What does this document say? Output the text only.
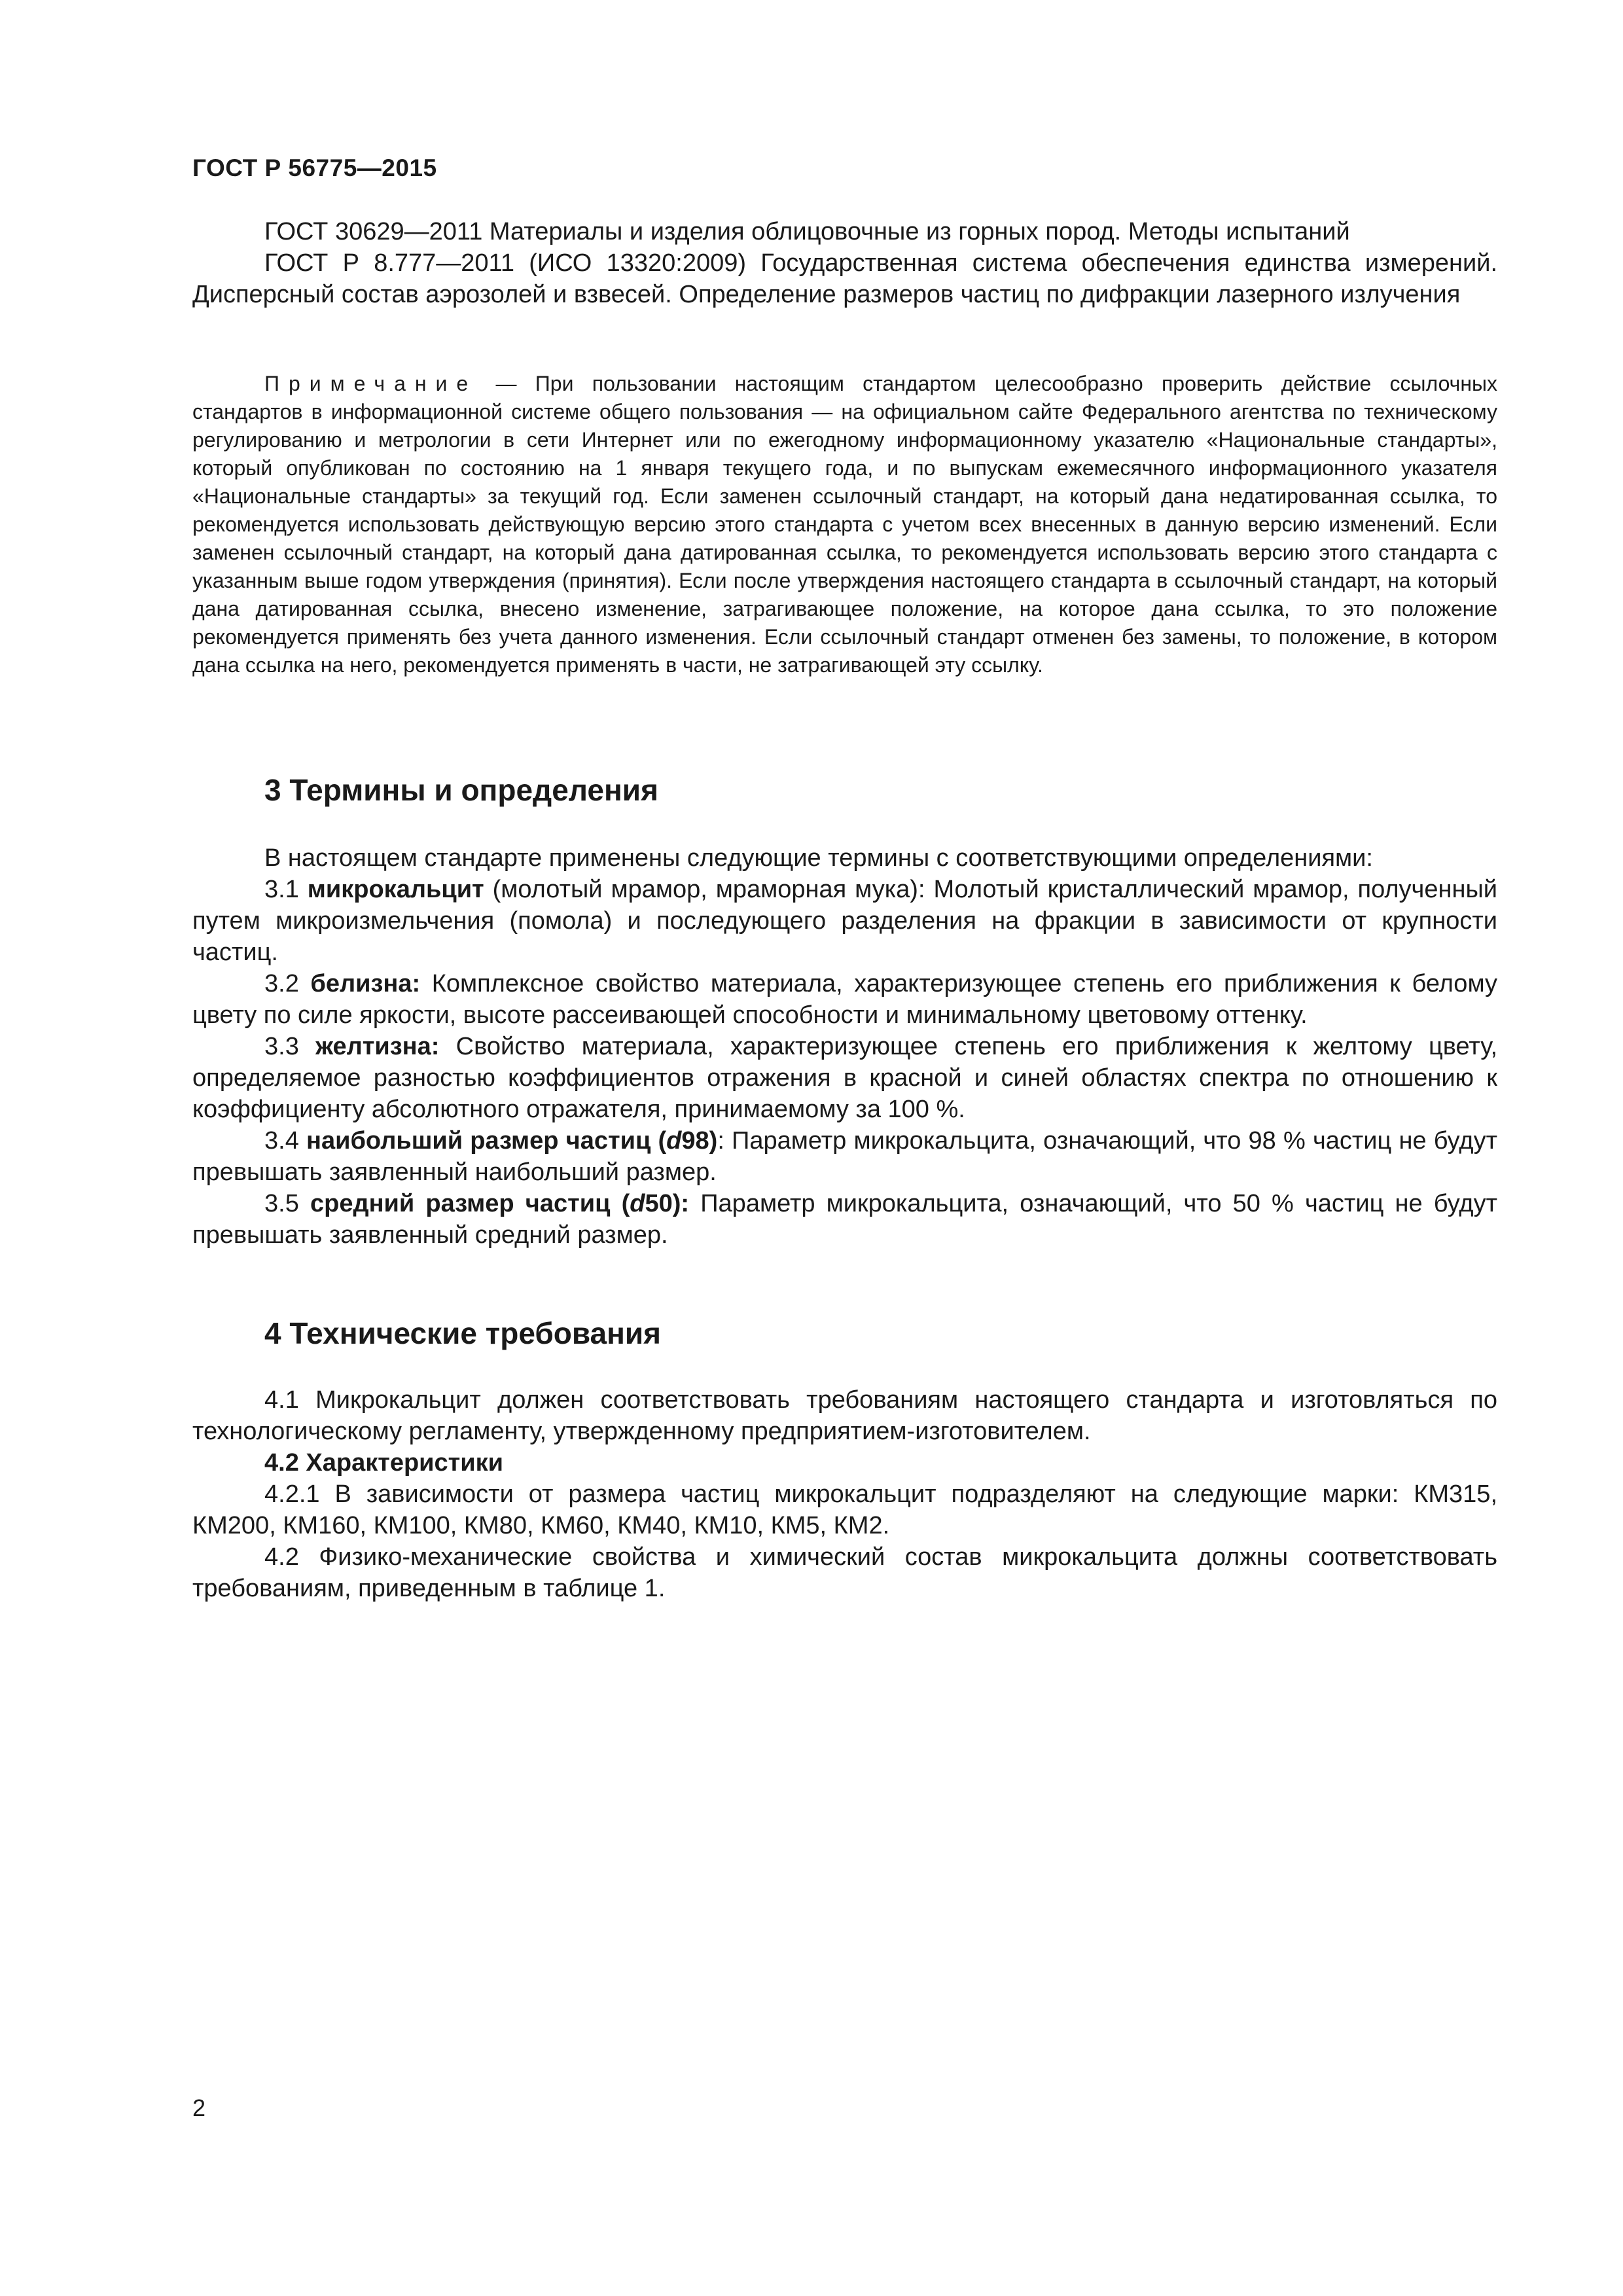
ГОСТ Р 56775—2015

ГОСТ 30629—2011 Материалы и изделия облицовочные из горных пород. Методы испытаний

ГОСТ Р 8.777—2011 (ИСО 13320:2009) Государственная система обеспечения единства измерений. Дисперсный состав аэрозолей и взвесей. Определение размеров частиц по дифракции лазерного излучения

Примечание — При пользовании настоящим стандартом целесообразно проверить действие ссылочных стандартов в информационной системе общего пользования — на официальном сайте Федерального агентства по техническому регулированию и метрологии в сети Интернет или по ежегодному информационному указателю «Национальные стандарты», который опубликован по состоянию на 1 января текущего года, и по выпускам ежемесячного информационного указателя «Национальные стандарты» за текущий год. Если заменен ссылочный стандарт, на который дана недатированная ссылка, то рекомендуется использовать действующую версию этого стандарта с учетом всех внесенных в данную версию изменений. Если заменен ссылочный стандарт, на который дана датированная ссылка, то рекомендуется использовать версию этого стандарта с указанным выше годом утверждения (принятия). Если после утверждения настоящего стандарта в ссылочный стандарт, на который дана датированная ссылка, внесено изменение, затрагивающее положение, на которое дана ссылка, то это положение рекомендуется применять без учета данного изменения. Если ссылочный стандарт отменен без замены, то положение, в котором дана ссылка на него, рекомендуется применять в части, не затрагивающей эту ссылку.

3 Термины и определения

В настоящем стандарте применены следующие термины с соответствующими определениями:

3.1 микрокальцит (молотый мрамор, мраморная мука): Молотый кристаллический мрамор, полученный путем микроизмельчения (помола) и последующего разделения на фракции в зависимости от крупности частиц.

3.2 белизна: Комплексное свойство материала, характеризующее степень его приближения к белому цвету по силе яркости, высоте рассеивающей способности и минимальному цветовому оттенку.

3.3 желтизна: Свойство материала, характеризующее степень его приближения к желтому цвету, определяемое разностью коэффициентов отражения в красной и синей областях спектра по отношению к коэффициенту абсолютного отражателя, принимаемому за 100 %.

3.4 наибольший размер частиц (d98): Параметр микрокальцита, означающий, что 98 % частиц не будут превышать заявленный наибольший размер.

3.5 средний размер частиц (d50): Параметр микрокальцита, означающий, что 50 % частиц не будут превышать заявленный средний размер.

4 Технические требования

4.1 Микрокальцит должен соответствовать требованиям настоящего стандарта и изготовляться по технологическому регламенту, утвержденному предприятием-изготовителем.

4.2 Характеристики

4.2.1 В зависимости от размера частиц микрокальцит подразделяют на следующие марки: КМ315, КМ200, КМ160, КМ100, КМ80, КМ60, КМ40, КМ10, КМ5, КМ2.

4.2 Физико-механические свойства и химический состав микрокальцита должны соответствовать требованиям, приведенным в таблице 1.

2
